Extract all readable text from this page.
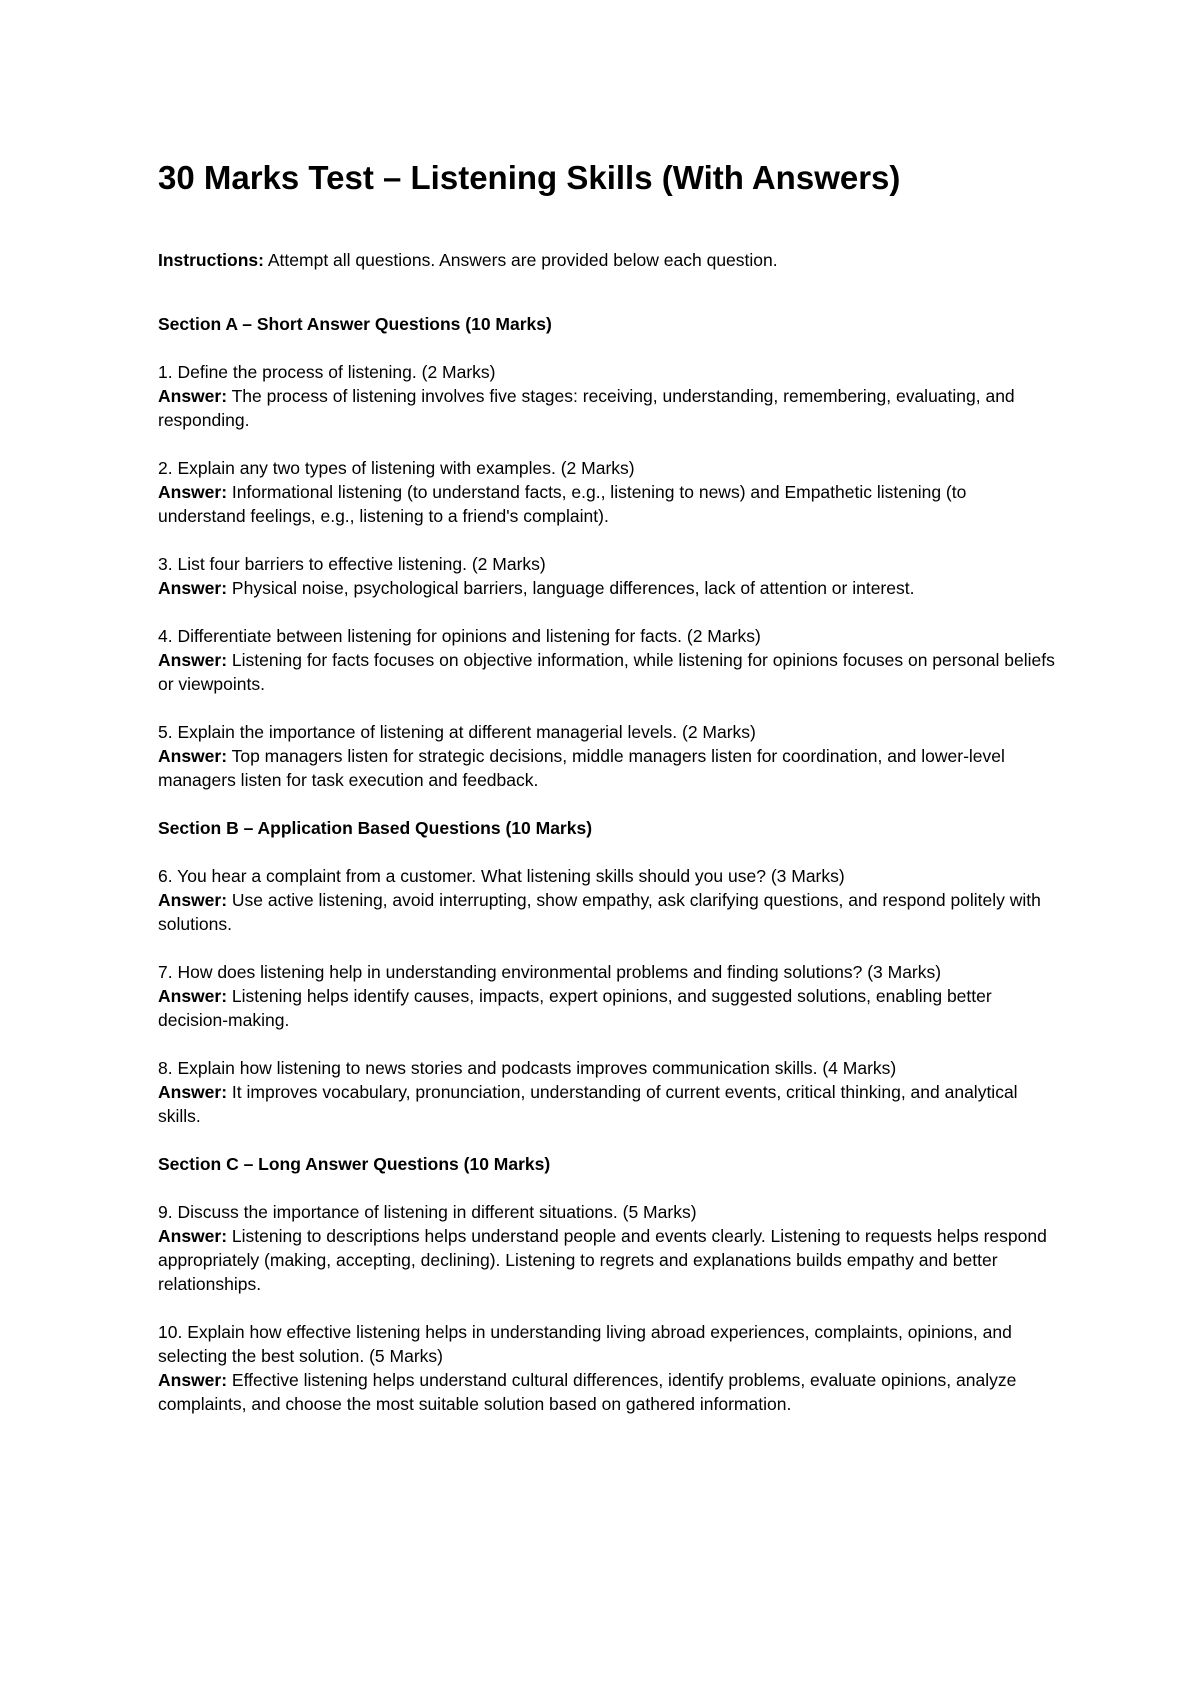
30 Marks Test – Listening Skills (With Answers)
Instructions: Attempt all questions. Answers are provided below each question.
Section A – Short Answer Questions (10 Marks)
1. Define the process of listening. (2 Marks)
Answer: The process of listening involves five stages: receiving, understanding, remembering, evaluating, and responding.
2. Explain any two types of listening with examples. (2 Marks)
Answer: Informational listening (to understand facts, e.g., listening to news) and Empathetic listening (to understand feelings, e.g., listening to a friend's complaint).
3. List four barriers to effective listening. (2 Marks)
Answer: Physical noise, psychological barriers, language differences, lack of attention or interest.
4. Differentiate between listening for opinions and listening for facts. (2 Marks)
Answer: Listening for facts focuses on objective information, while listening for opinions focuses on personal beliefs or viewpoints.
5. Explain the importance of listening at different managerial levels. (2 Marks)
Answer: Top managers listen for strategic decisions, middle managers listen for coordination, and lower-level managers listen for task execution and feedback.
Section B – Application Based Questions (10 Marks)
6. You hear a complaint from a customer. What listening skills should you use? (3 Marks)
Answer: Use active listening, avoid interrupting, show empathy, ask clarifying questions, and respond politely with solutions.
7. How does listening help in understanding environmental problems and finding solutions? (3 Marks)
Answer: Listening helps identify causes, impacts, expert opinions, and suggested solutions, enabling better decision-making.
8. Explain how listening to news stories and podcasts improves communication skills. (4 Marks)
Answer: It improves vocabulary, pronunciation, understanding of current events, critical thinking, and analytical skills.
Section C – Long Answer Questions (10 Marks)
9. Discuss the importance of listening in different situations. (5 Marks)
Answer: Listening to descriptions helps understand people and events clearly. Listening to requests helps respond appropriately (making, accepting, declining). Listening to regrets and explanations builds empathy and better relationships.
10. Explain how effective listening helps in understanding living abroad experiences, complaints, opinions, and selecting the best solution. (5 Marks)
Answer: Effective listening helps understand cultural differences, identify problems, evaluate opinions, analyze complaints, and choose the most suitable solution based on gathered information.
